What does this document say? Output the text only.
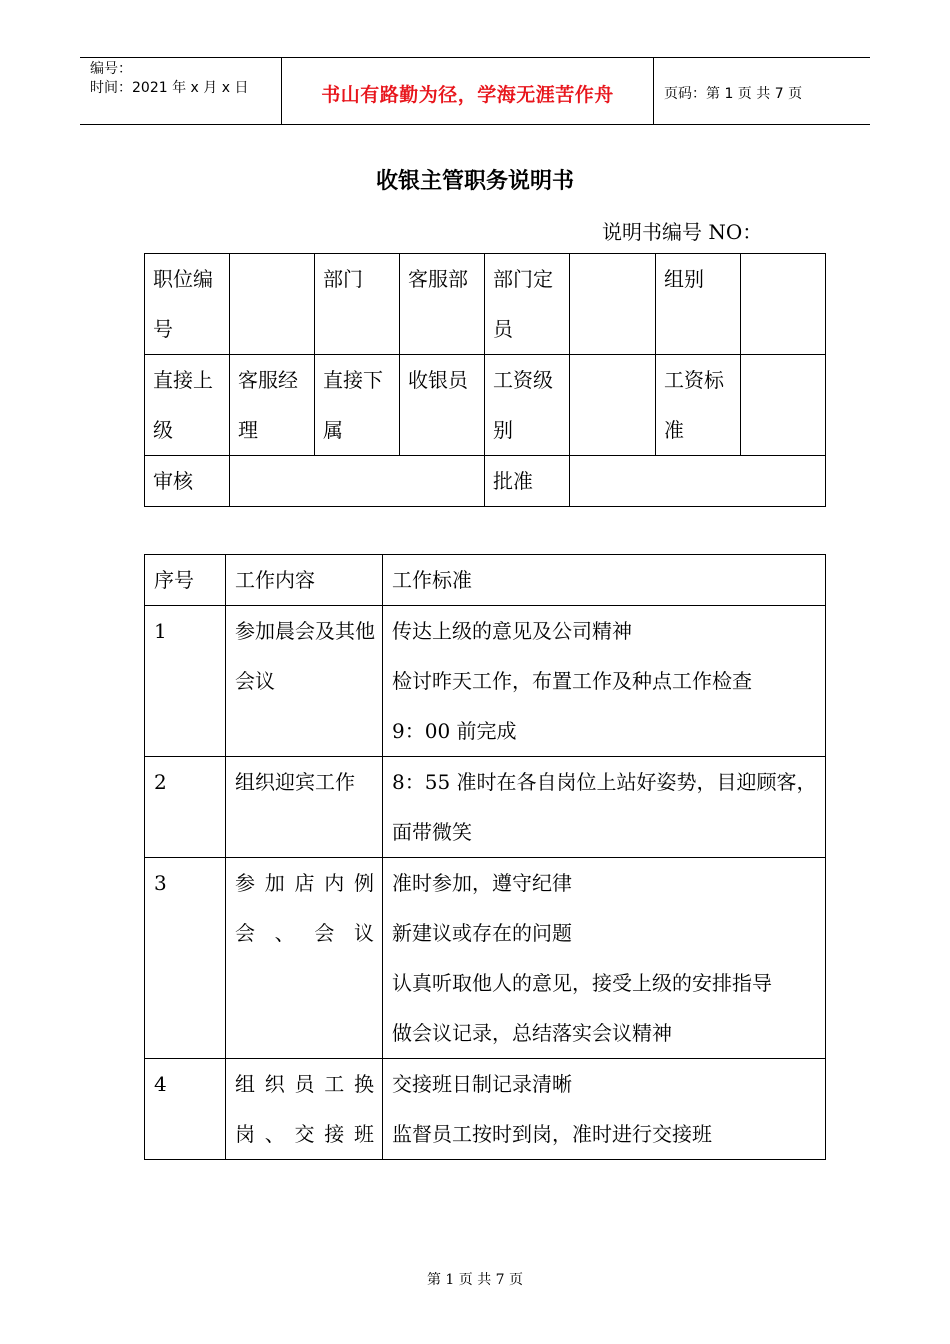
编号：
时间：2021 年 x 月 x 日	书山有路勤为径，学海无涯苦作舟	页码：第 1 页 共 7 页
收银主管职务说明书
说明书编号 NO：
职位编号		部门	客服部	部门定员		组别	
直接上级	客服经理	直接下属	收银员	工资级别		工资标准	
审核				批准			
序号	工作内容	工作标准
1	参加晨会及其他会议	传达上级的意见及公司精神
检讨昨天工作，布置工作及种点工作检查
9：00 前完成

2	组织迎宾工作	8：55 准时在各自岗位上站好姿势，目迎顾客，面带微笑

3	参加店内例会、会议	准时参加，遵守纪律
新建议或存在的问题
认真听取他人的意见，接受上级的安排指导
做会议记录，总结落实会议精神

4	组织员工换岗、交接班	交接班日制记录清晰
监督员工按时到岗，准时进行交接班
第 1 页 共 7 页
